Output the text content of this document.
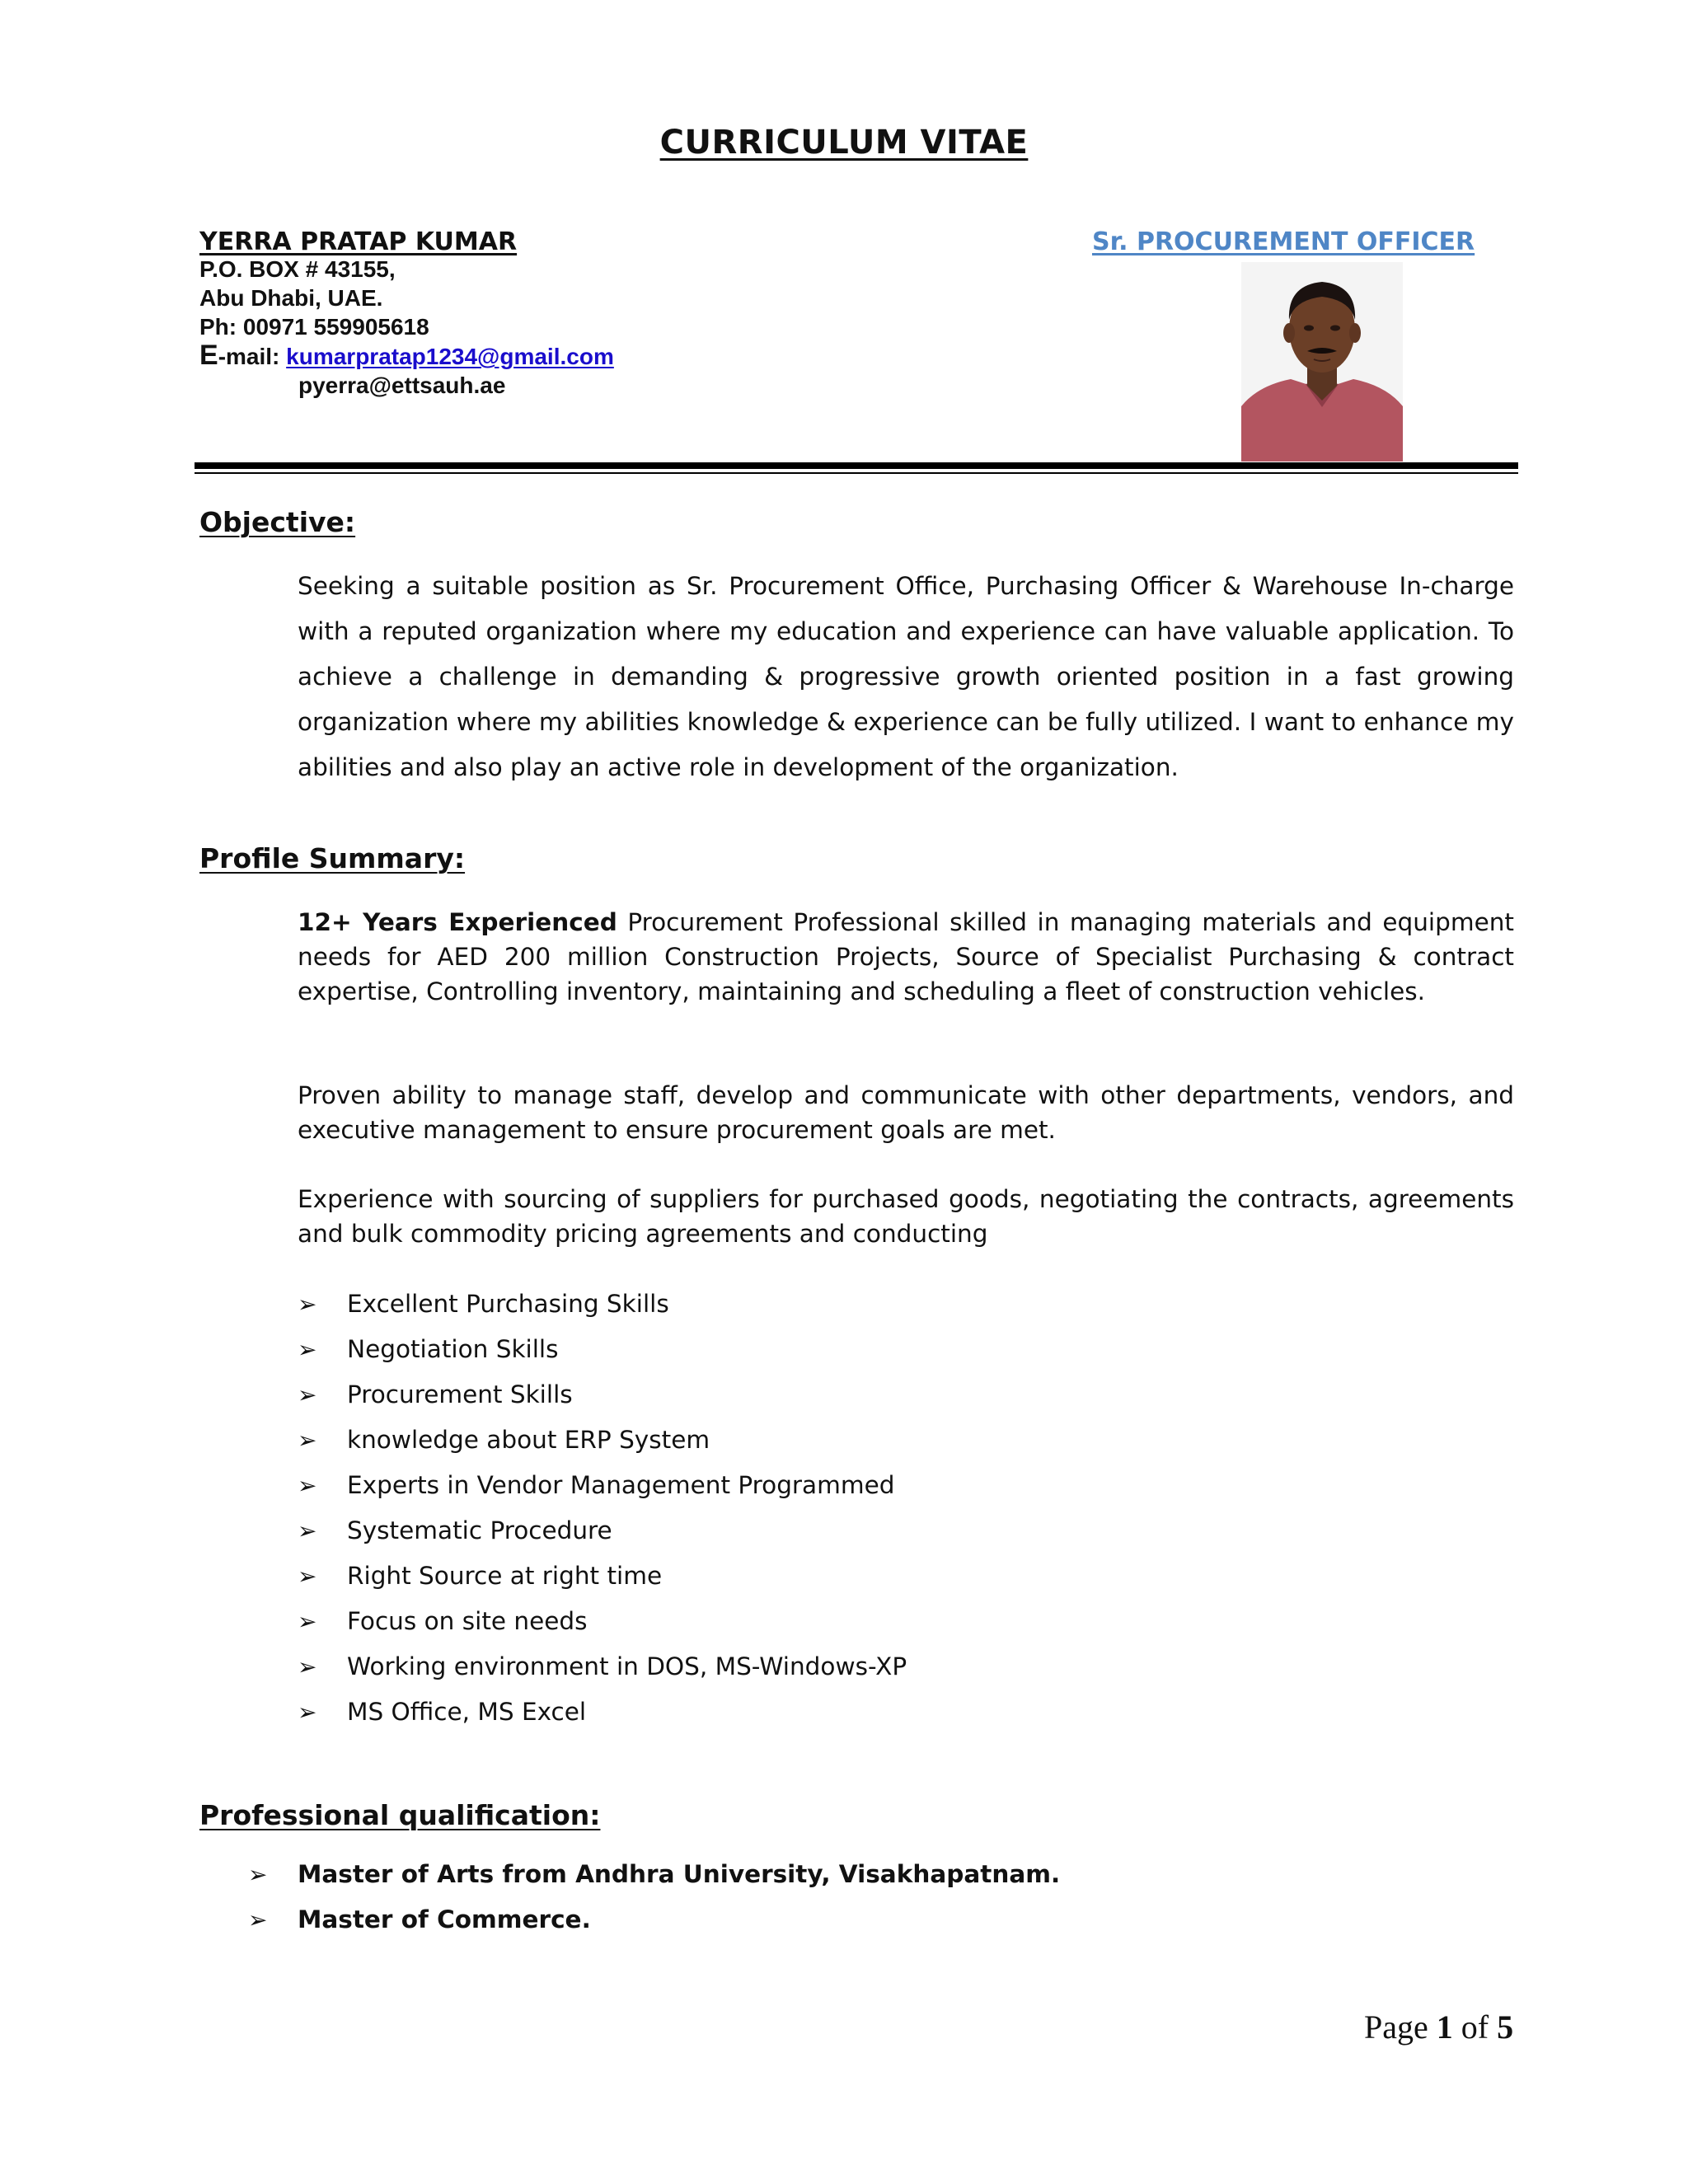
CURRICULUM VITAE
YERRA PRATAP KUMAR	Sr. PROCUREMENT OFFICER
P.O. BOX # 43155,
Abu Dhabi, UAE.
Ph: 00971 559905618
E-mail: kumarpratap1234@gmail.com
pyerra@ettsauh.ae
Objective:
Seeking a suitable position as Sr. Procurement Office, Purchasing Officer & Warehouse In-charge with a reputed organization where my education and experience can have valuable application. To achieve a challenge in demanding & progressive growth oriented position in a fast growing organization where my abilities knowledge & experience can be fully utilized. I want to enhance my abilities and also play an active role in development of the organization.
Profile Summary:
12+ Years Experienced Procurement Professional skilled in managing materials and equipment needs for AED 200 million Construction Projects, Source of Specialist Purchasing & contract expertise, Controlling inventory, maintaining and scheduling a fleet of construction vehicles.
Proven ability to manage staff, develop and communicate with other departments, vendors, and executive management to ensure procurement goals are met.
Experience with sourcing of suppliers for purchased goods, negotiating the contracts, agreements and bulk commodity pricing agreements and conducting
➢ Excellent Purchasing Skills
➢ Negotiation Skills
➢ Procurement Skills
➢ knowledge about ERP System
➢ Experts in Vendor Management Programmed
➢ Systematic Procedure
➢ Right Source at right time
➢ Focus on site needs
➢ Working environment in DOS, MS-Windows-XP
➢ MS Office, MS Excel
Professional qualification:
➢ Master of Arts from Andhra University, Visakhapatnam.
➢ Master of Commerce.
Page 1 of 5
